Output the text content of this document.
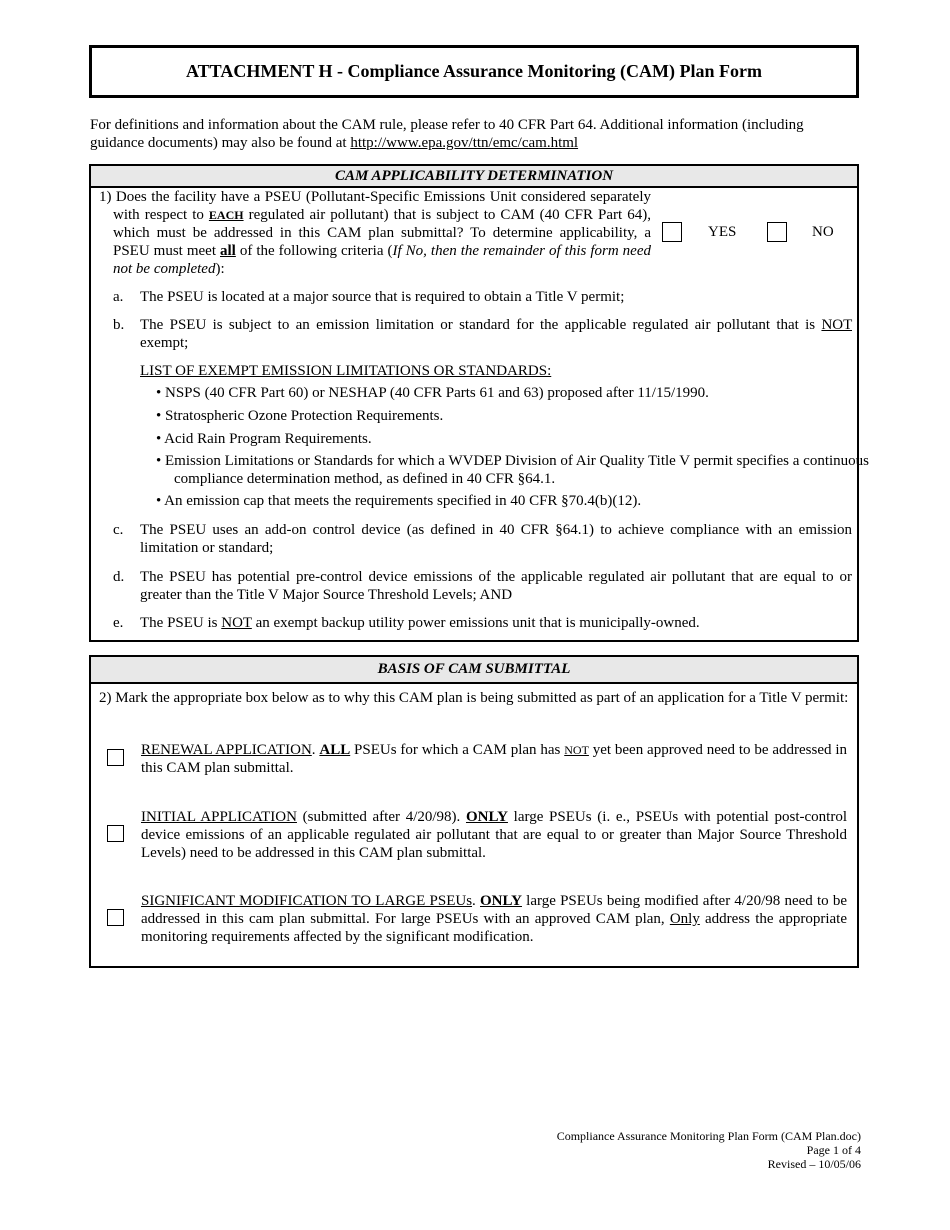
ATTACHMENT H - Compliance Assurance Monitoring (CAM) Plan Form
For definitions and information about the CAM rule, please refer to 40 CFR Part 64. Additional information (including guidance documents) may also be found at http://www.epa.gov/ttn/emc/cam.html
CAM APPLICABILITY DETERMINATION
1) Does the facility have a PSEU (Pollutant-Specific Emissions Unit considered separately with respect to EACH regulated air pollutant) that is subject to CAM (40 CFR Part 64), which must be addressed in this CAM plan submittal? To determine applicability, a PSEU must meet all of the following criteria (If No, then the remainder of this form need not be completed):
YES	NO
a. The PSEU is located at a major source that is required to obtain a Title V permit;
b. The PSEU is subject to an emission limitation or standard for the applicable regulated air pollutant that is NOT exempt;
LIST OF EXEMPT EMISSION LIMITATIONS OR STANDARDS:
• NSPS (40 CFR Part 60) or NESHAP (40 CFR Parts 61 and 63) proposed after 11/15/1990.
• Stratospheric Ozone Protection Requirements.
• Acid Rain Program Requirements.
• Emission Limitations or Standards for which a WVDEP Division of Air Quality Title V permit specifies a continuous compliance determination method, as defined in 40 CFR §64.1.
• An emission cap that meets the requirements specified in 40 CFR §70.4(b)(12).
c. The PSEU uses an add-on control device (as defined in 40 CFR §64.1) to achieve compliance with an emission limitation or standard;
d. The PSEU has potential pre-control device emissions of the applicable regulated air pollutant that are equal to or greater than the Title V Major Source Threshold Levels; AND
e. The PSEU is NOT an exempt backup utility power emissions unit that is municipally-owned.
BASIS OF CAM SUBMITTAL
2) Mark the appropriate box below as to why this CAM plan is being submitted as part of an application for a Title V permit:
RENEWAL APPLICATION. ALL PSEUs for which a CAM plan has NOT yet been approved need to be addressed in this CAM plan submittal.
INITIAL APPLICATION (submitted after 4/20/98). ONLY large PSEUs (i. e., PSEUs with potential post-control device emissions of an applicable regulated air pollutant that are equal to or greater than Major Source Threshold Levels) need to be addressed in this CAM plan submittal.
SIGNIFICANT MODIFICATION TO LARGE PSEUs. ONLY large PSEUs being modified after 4/20/98 need to be addressed in this cam plan submittal. For large PSEUs with an approved CAM plan, Only address the appropriate monitoring requirements affected by the significant modification.
Compliance Assurance Monitoring Plan Form (CAM Plan.doc)
Page 1 of 4
Revised – 10/05/06
